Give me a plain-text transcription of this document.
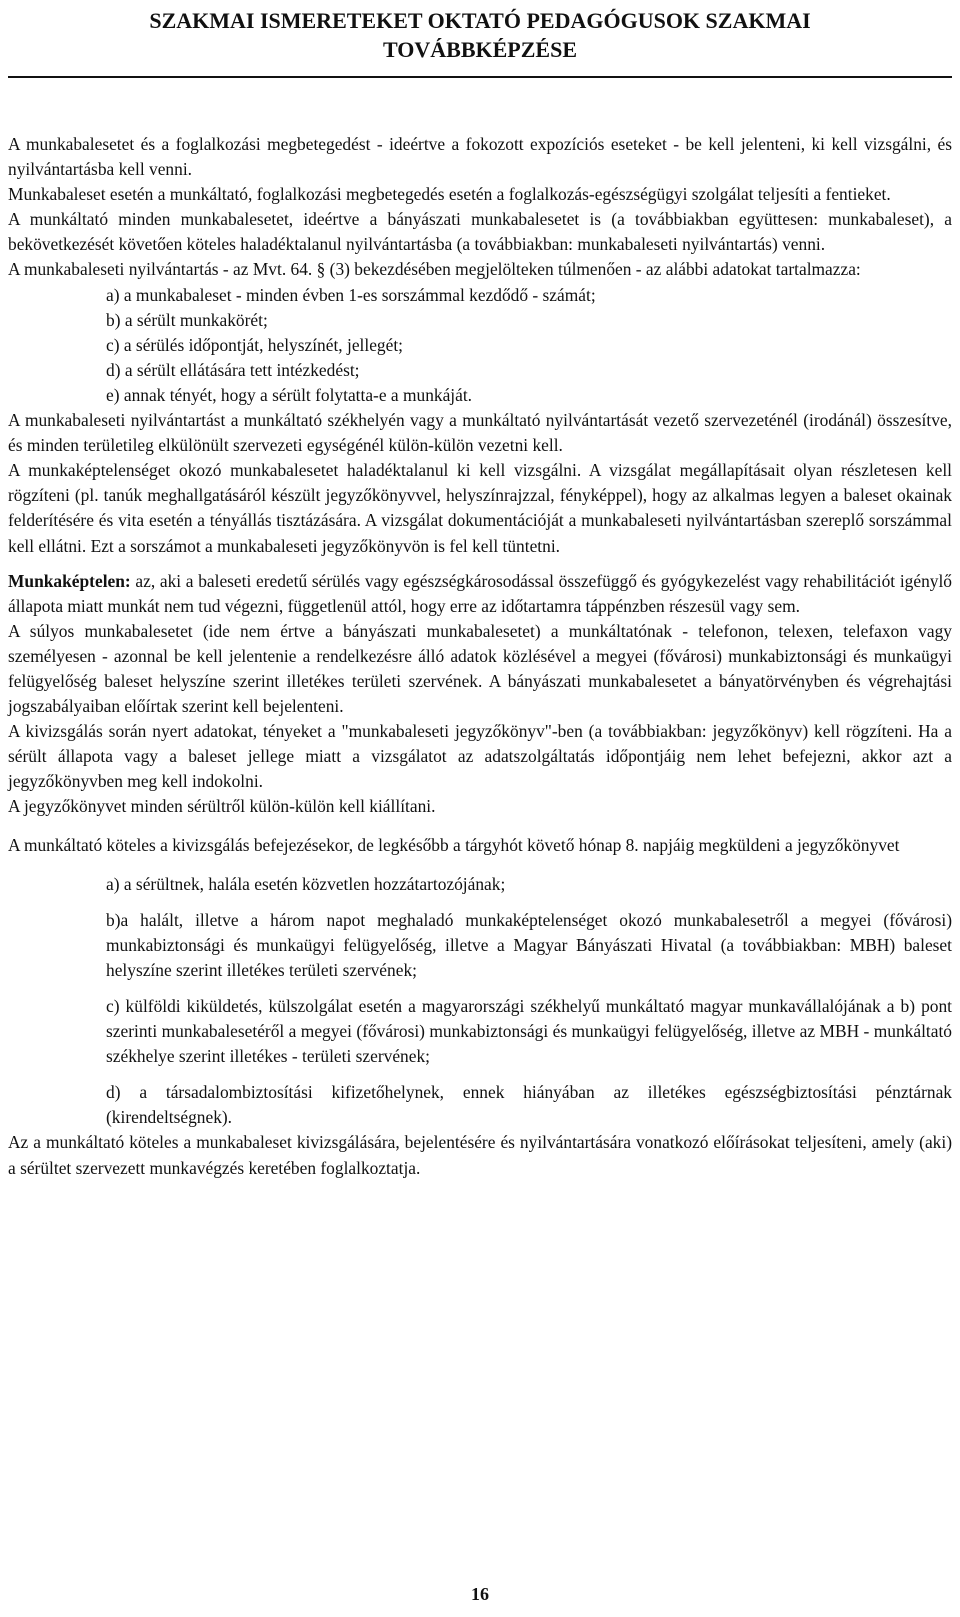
SZAKMAI ISMERETEKET OKTATÓ PEDAGÓGUSOK SZAKMAI
TOVÁBBKÉPZÉSE

A munkabalesetet és a foglalkozási megbetegedést - ideértve a fokozott expozíciós eseteket - be kell jelenteni, ki kell vizsgálni, és nyilvántartásba kell venni.

Munkabaleset esetén a munkáltató, foglalkozási megbetegedés esetén a foglalkozás-egészségügyi szolgálat teljesíti a fentieket.

A munkáltató minden munkabalesetet, ideértve a bányászati munkabalesetet is (a továbbiakban együttesen: munkabaleset), a bekövetkezését követően köteles haladéktalanul nyilvántartásba (a továbbiakban: munkabaleseti nyilvántartás) venni.

A munkabaleseti nyilvántartás - az Mvt. 64. § (3) bekezdésében megjelölteken túlmenően - az alábbi adatokat tartalmazza:

a) a munkabaleset - minden évben 1-es sorszámmal kezdődő - számát;

b) a sérült munkakörét;

c) a sérülés időpontját, helyszínét, jellegét;

d) a sérült ellátására tett intézkedést;

e) annak tényét, hogy a sérült folytatta-e a munkáját.

A munkabaleseti nyilvántartást a munkáltató székhelyén vagy a munkáltató nyilvántartását vezető szervezeténél (irodánál) összesítve, és minden területileg elkülönült szervezeti egységénél külön-külön vezetni kell.

A munkaképtelenséget okozó munkabalesetet haladéktalanul ki kell vizsgálni. A vizsgálat megállapításait olyan részletesen kell rögzíteni (pl. tanúk meghallgatásáról készült jegyzőkönyvvel, helyszínrajzzal, fényképpel), hogy az alkalmas legyen a baleset okainak felderítésére és vita esetén a tényállás tisztázására. A vizsgálat dokumentációját a munkabaleseti nyilvántartásban szereplő sorszámmal kell ellátni. Ezt a sorszámot a munkabaleseti jegyzőkönyvön is fel kell tüntetni.

Munkaképtelen: az, aki a baleseti eredetű sérülés vagy egészségkárosodással összefüggő és gyógykezelést vagy rehabilitációt igénylő állapota miatt munkát nem tud végezni, függetlenül attól, hogy erre az időtartamra táppénzben részesül vagy sem.

A súlyos munkabalesetet (ide nem értve a bányászati munkabalesetet) a munkáltatónak - telefonon, telexen, telefaxon vagy személyesen - azonnal be kell jelentenie a rendelkezésre álló adatok közlésével a megyei (fővárosi) munkabiztonsági és munkaügyi felügyelőség baleset helyszíne szerint illetékes területi szervének. A bányászati munkabalesetet a bányatörvényben és végrehajtási jogszabályaiban előírtak szerint kell bejelenteni.

A kivizsgálás során nyert adatokat, tényeket a "munkabaleseti jegyzőkönyv"-ben (a továbbiakban: jegyzőkönyv) kell rögzíteni. Ha a sérült állapota vagy a baleset jellege miatt a vizsgálatot az adatszolgáltatás időpontjáig nem lehet befejezni, akkor azt a jegyzőkönyvben meg kell indokolni.

A jegyzőkönyvet minden sérültről külön-külön kell kiállítani.

A munkáltató köteles a kivizsgálás befejezésekor, de legkésőbb a tárgyhót követő hónap 8. napjáig megküldeni a jegyzőkönyvet

a) a sérültnek, halála esetén közvetlen hozzátartozójának;

b)a halált, illetve a három napot meghaladó munkaképtelenséget okozó munkabalesetről a megyei (fővárosi) munkabiztonsági és munkaügyi felügyelőség, illetve a Magyar Bányászati Hivatal (a továbbiakban: MBH) baleset helyszíne szerint illetékes területi szervének;

c) külföldi kiküldetés, külszolgálat esetén a magyarországi székhelyű munkáltató magyar munkavállalójának a b) pont szerinti munkabalesetéről a megyei (fővárosi) munkabiztonsági és munkaügyi felügyelőség, illetve az MBH - munkáltató székhelye szerint illetékes - területi szervének;

d) a társadalombiztosítási kifizetőhelynek, ennek hiányában az illetékes egészségbiztosítási pénztárnak (kirendeltségnek).

Az a munkáltató köteles a munkabaleset kivizsgálására, bejelentésére és nyilvántartására vonatkozó előírásokat teljesíteni, amely (aki) a sérültet szervezett munkavégzés keretében foglalkoztatja.

16
